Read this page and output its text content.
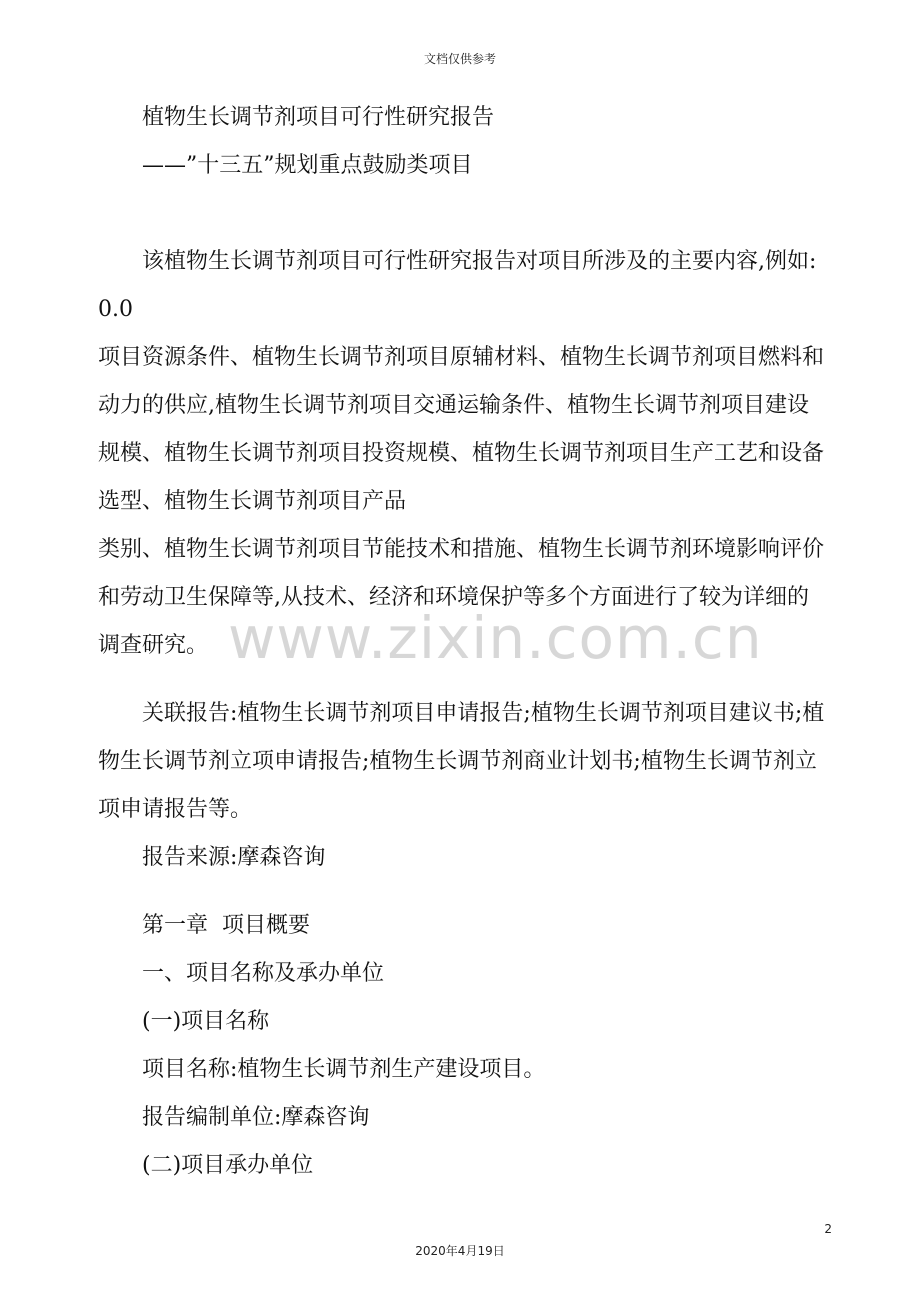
文档仅供参考

植物生长调节剂项目可行性研究报告

——”十三五”规划重点鼓励类项目

该植物生长调节剂项目可行性研究报告对项目所涉及的主要内容,例如:0.0

项目资源条件、植物生长调节剂项目原辅材料、植物生长调节剂项目燃料和动力的供应,植物生长调节剂项目交通运输条件、植物生长调节剂项目建设规模、植物生长调节剂项目投资规模、植物生长调节剂项目生产工艺和设备选型、植物生长调节剂项目产品

类别、植物生长调节剂项目节能技术和措施、植物生长调节剂环境影响评价和劳动卫生保障等,从技术、经济和环境保护等多个方面进行了较为详细的调查研究。

关联报告:植物生长调节剂项目申请报告;植物生长调节剂项目建议书;植物生长调节剂立项申请报告;植物生长调节剂商业计划书;植物生长调节剂立项申请报告等。

报告来源:摩森咨询

第一章  项目概要

一、项目名称及承办单位

(一)项目名称

项目名称:植物生长调节剂生产建设项目。

报告编制单位:摩森咨询

(二)项目承办单位

www.zixin.com.cn
2
2020年4月19日
